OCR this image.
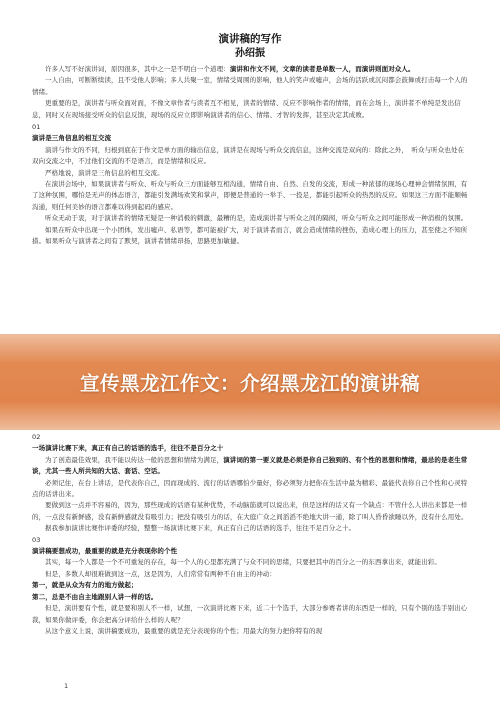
演讲稿的写作
孙绍振

许多人写不好演讲词，原因很多，其中之一是不明白一个道理：演讲和作文不同，文章的读者是单数一人，而演讲则面对众人。

一人自由，可断断续读，且不受他人影响；多人共聚一室，情绪受周围的影响，他人的笑声或嘘声，会场的活跃或沉闷都会鼓舞或打击每一个人的情绪。

更重要的是，演讲者与听众面对面，不像文章作者与读者互不相见，读者的情绪、反应不影响作者的情绪，而在会场上，演讲者不单纯是发出信息，同时又在现场接受听众的信息反馈，现场的反应立即影响演讲者的信心、情绪、才智的发挥，甚至决定其成败。

01

演讲是三角信息的相互交流

演讲与作文的不同，归根到底在于作文是单方面的输出信息，演讲是在现场与听众交流信息，这种交流是双向的：除此之外，　听众与听众也处在双向交流之中，不过他们交流的不是语言，而是情绪和反应。

严格地说，演讲是三角信息的相互交流。

在演讲会场中，如果演讲者与听众、听众与听众三方面能够互相沟通，情绪自由、自然、自发的交流，形成一种浓郁的现场心理神会情绪氛围，有了这种氛围，哪怕是无声的体态语言，都能引发满场欢笑和掌声，即便是普通的一举手、一投足，都能引起听众的热烈的反应。如果这三方面不能顺畅沟通，则任何美妙的语言都难以得到起码的感应。

听众无动于衷，对于演讲者的情绪无疑是一种消极的刺激，最糟的是，造成演讲者与听众之间的隔阂，听众与听众之间可能形成一种消极的氛围。

如果在听众中出现一个小团体，发出嘘声、私语等，都可能被扩大，对于演讲者而言，就会造成情绪的挫伤，造成心理上的压力，甚至使之不知所措。如果听众与演讲者之间有了默契，演讲者情绪昂扬，思路更加敏捷。

02

一场演讲比赛下来，真正有自己的话语的选手，往往不是百分之十

为了创造最佳效果，我不能以传达一般的思想和情绪为满足，演讲词的第一要义就是必须是你自己独到的、有个性的思想和情绪，最忌的是老生常谈，尤其一些人所共知的大话、套话、空话。

必须记住，在台上讲话，是代表你自己，因而现成的、流行的话语哪怕少量好，你必须努力把你在生活中最为精彩、最能代表你自己个性和心灵特点的话讲出来。

要做到这一点并不容易的，因为，那些现成的话语有某种优势，不动脑筋就可以说出来，但是这样的话又有一个缺点：不管什么人讲出来都是一样的，一点没有新鲜感，没有新鲜感就没有吸引力；把没有吸引力的话，在大庭广众之间滔滔不绝地大讲一通，除了叫人昏昏欲睡以外，没有什么用处。

据我参加演讲比赛作评委的经验，整整一场演讲比赛下来，真正有自己的话语的选手，往往不足百分之十。

03

演讲稿要想成功，最重要的就是充分表现你的个性

其实，每一个人都是一个不可重复的存在，每一个人的心里都充满了与众不同的思绪，只要把其中的百分之一的东西拿出来，就能出彩。

但是，多数人却很难做到这一点，这是因为，人们常常有两种不自由主的冲动：

第一，就是从众为有力的地方做起；

第二，总是不由自主地跟别人讲一样的话。

但是，演讲要有个性，就是要和别人不一样，试想，一次演讲比赛下来，近二十个选手，大部分参赛者讲的东西是一样的，只有个别的选手别出心裁，如果你做评委，你会把高分评给什么样的人呢？

从这个意义上说，演讲稿要成功，最重要的就是充分表现你的个性；用最大的努力把你特有的现

1
宣传黑龙江作文：介绍黑龙江的演讲稿
